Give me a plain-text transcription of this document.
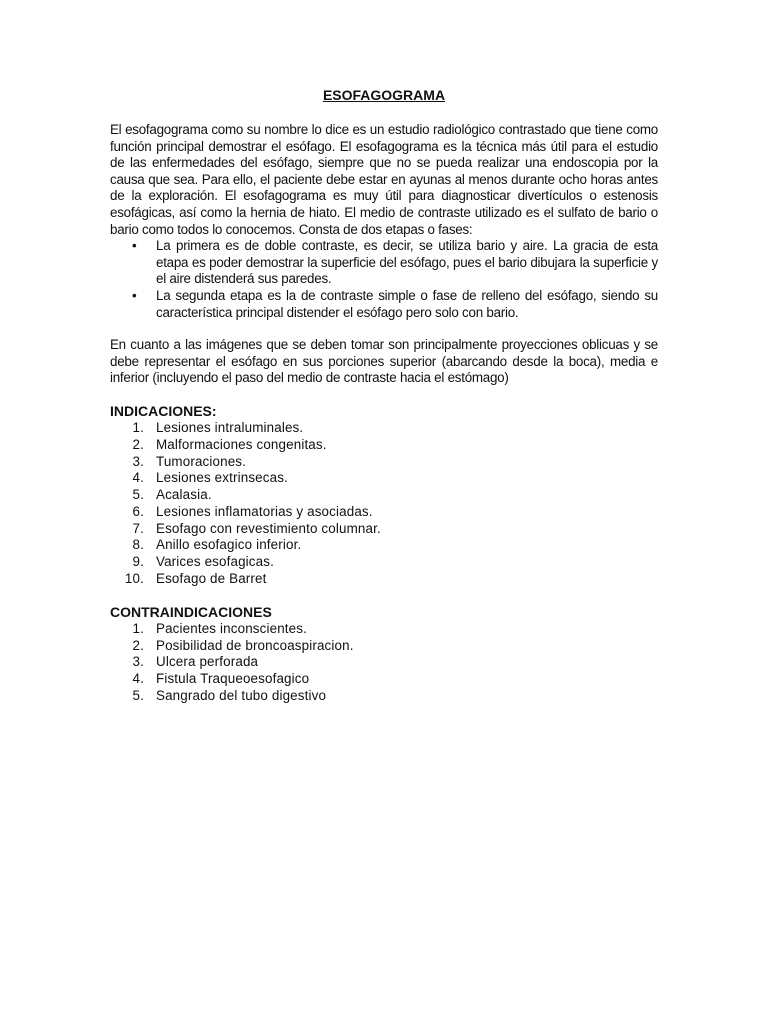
ESOFAGOGRAMA

El esofagograma como su nombre lo dice es un estudio radiológico contrastado que tiene como función principal demostrar el esófago. El esofagograma es la técnica más útil para el estudio de las enfermedades del esófago, siempre que no se pueda realizar una endoscopia por la causa que sea. Para ello, el paciente debe estar en ayunas al menos durante ocho horas antes de la exploración. El esofagograma es muy útil para diagnosticar divertículos o estenosis esofágicas, así como la hernia de hiato. El medio de contraste utilizado es el sulfato de bario o bario como todos lo conocemos. Consta de dos etapas o fases:

• La primera es de doble contraste, es decir, se utiliza bario y aire. La gracia de esta etapa es poder demostrar la superficie del esófago, pues el bario dibujara la superficie y el aire distenderá sus paredes.
• La segunda etapa es la de contraste simple o fase de relleno del esófago, siendo su característica principal distender el esófago pero solo con bario.

En cuanto a las imágenes que se deben tomar son principalmente proyecciones oblicuas y se debe representar el esófago en sus porciones superior (abarcando desde la boca), media e inferior (incluyendo el paso del medio de contraste hacia el estómago)

INDICACIONES:
1. Lesiones intraluminales.
2. Malformaciones congenitas.
3. Tumoraciones.
4. Lesiones extrinsecas.
5. Acalasia.
6. Lesiones inflamatorias y asociadas.
7. Esofago con revestimiento columnar.
8. Anillo esofagico inferior.
9. Varices esofagicas.
10. Esofago de Barret
CONTRAINDICACIONES
1. Pacientes inconscientes.
2. Posibilidad de broncoaspiracion.
3. Ulcera perforada
4. Fistula Traqueoesofagico
5. Sangrado del tubo digestivo
